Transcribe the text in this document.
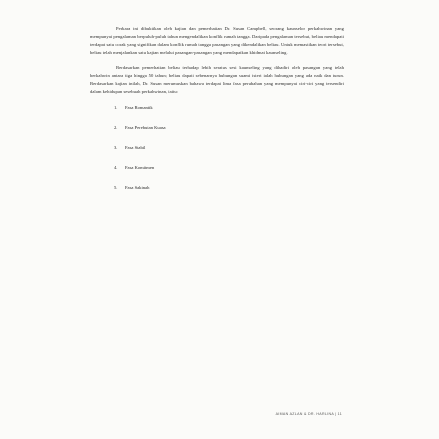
Perkara ini dibuktikan oleh kajian dan pemerhatian Dr. Susan Campbell, seorang kaunselor perkahwinan yang mempunyai pengalaman berpuluh-puluh tahun mengendalikan konflik rumah tangga. Daripada pengalaman tersebut, beliau mendapati terdapat satu corak yang signifikan dalam konflik rumah tangga pasangan yang dikendalikan beliau. Untuk memastikan teori tersebut, beliau telah menjalankan satu kajian melalui pasangan-pasangan yang mendapatkan khidmat kaunseling.

Berdasarkan pemerhatian beliau terhadap lebih seratus sesi kaunseling yang dihadiri oleh pasangan yang telah berkahwin antara tiga hingga 50 tahun; beliau dapati sebenarnya hubungan suami isteri ialah hubungan yang ada naik dan turun. Berdasarkan kajian inilah, Dr. Susan merumuskan bahawa terdapat lima fasa perubahan yang mempunyai ciri-ciri yang tersendiri dalam kehidupan sesebuah perkahwinan, iaitu:

1.	Fasa Romantik
2.	Fasa Perebutan Kuasa
3.	Fasa Stabil
4.	Fasa Komitmen
5.	Fasa Sakinah
AIMAN AZLAN & DR. HARLINA | 11
